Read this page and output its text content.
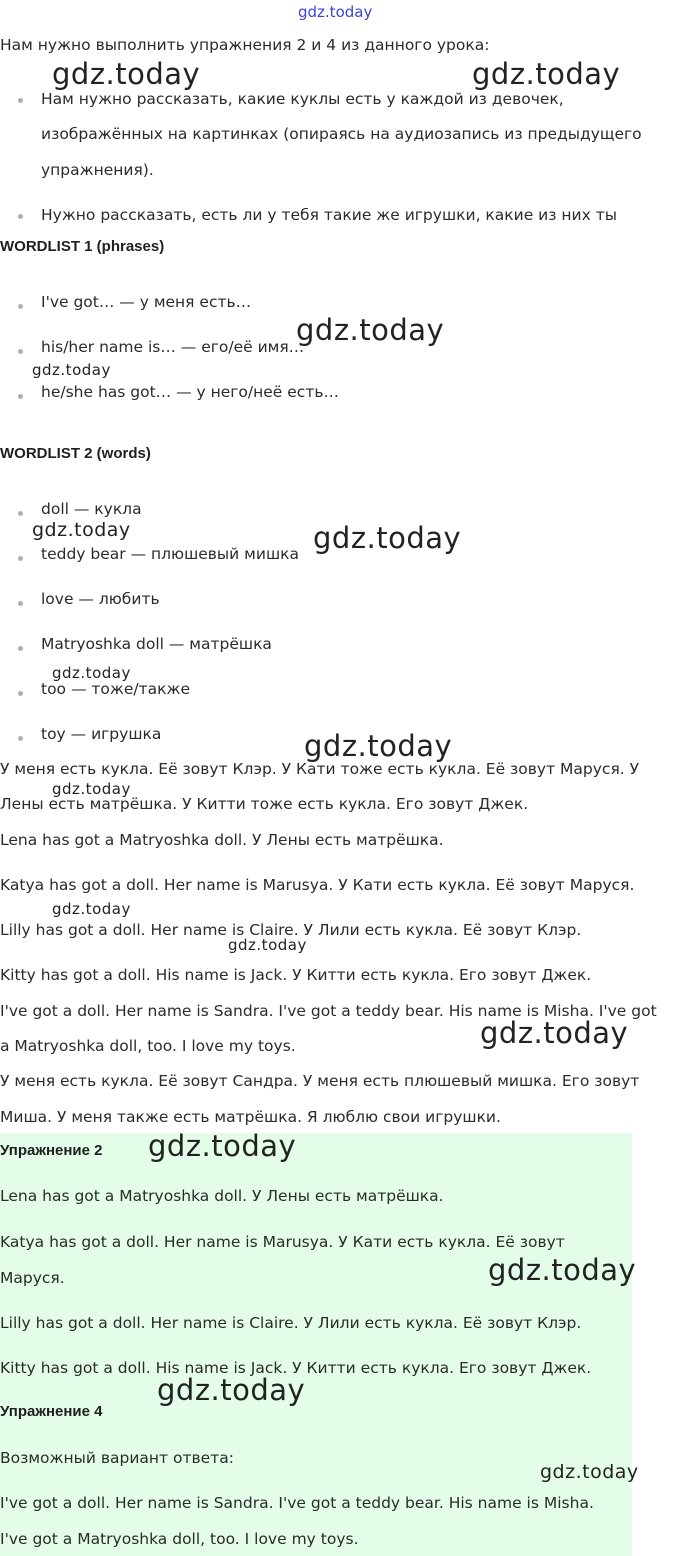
gdz.today
Нам нужно выполнить упражнения 2 и 4 из данного урока:
Нам нужно рассказать, какие куклы есть у каждой из девочек,
изображённых на картинках (опираясь на аудиозапись из предыдущего
упражнения).
Нужно рассказать, есть ли у тебя такие же игрушки, какие из них ты
WORDLIST 1 (phrases)
I've got… — у меня есть…
his/her name is… — его/её имя…
he/she has got… — у него/неё есть…
WORDLIST 2 (words)
doll — кукла
teddy bear — плюшевый мишка
love — любить
Matryoshka doll — матрёшка
too — тоже/также
toy — игрушка
У меня есть кукла. Её зовут Клэр. У Кати тоже есть кукла. Её зовут Маруся. У
Лены есть матрёшка. У Китти тоже есть кукла. Его зовут Джек.
Lena has got a Matryoshka doll. У Лены есть матрёшка.
Katya has got a doll. Her name is Marusya. У Кати есть кукла. Её зовут Маруся.
Lilly has got a doll. Her name is Claire. У Лили есть кукла. Её зовут Клэр.
Kitty has got a doll. His name is Jack. У Китти есть кукла. Его зовут Джек.
I've got a doll. Her name is Sandra. I've got a teddy bear. His name is Misha. I've got
a Matryoshka doll, too. I love my toys.
У меня есть кукла. Её зовут Сандра. У меня есть плюшевый мишка. Его зовут
Миша. У меня также есть матрёшка. Я люблю свои игрушки.
Упражнение 2
Lena has got a Matryoshka doll. У Лены есть матрёшка.
Katya has got a doll. Her name is Marusya. У Кати есть кукла. Её зовут
Маруся.
Lilly has got a doll. Her name is Claire. У Лили есть кукла. Её зовут Клэр.
Kitty has got a doll. His name is Jack. У Китти есть кукла. Его зовут Джек.
Упражнение 4
Возможный вариант ответа:
I've got a doll. Her name is Sandra. I've got a teddy bear. His name is Misha.
I've got a Matryoshka doll, too. I love my toys.
gdz.today	gdz.today
gdz.today
gdz.today
gdz.today	gdz.today
gdz.today
gdz.today
gdz.today
gdz.today
gdz.today
gdz.today
gdz.today
gdz.today
gdz.today
gdz.today
